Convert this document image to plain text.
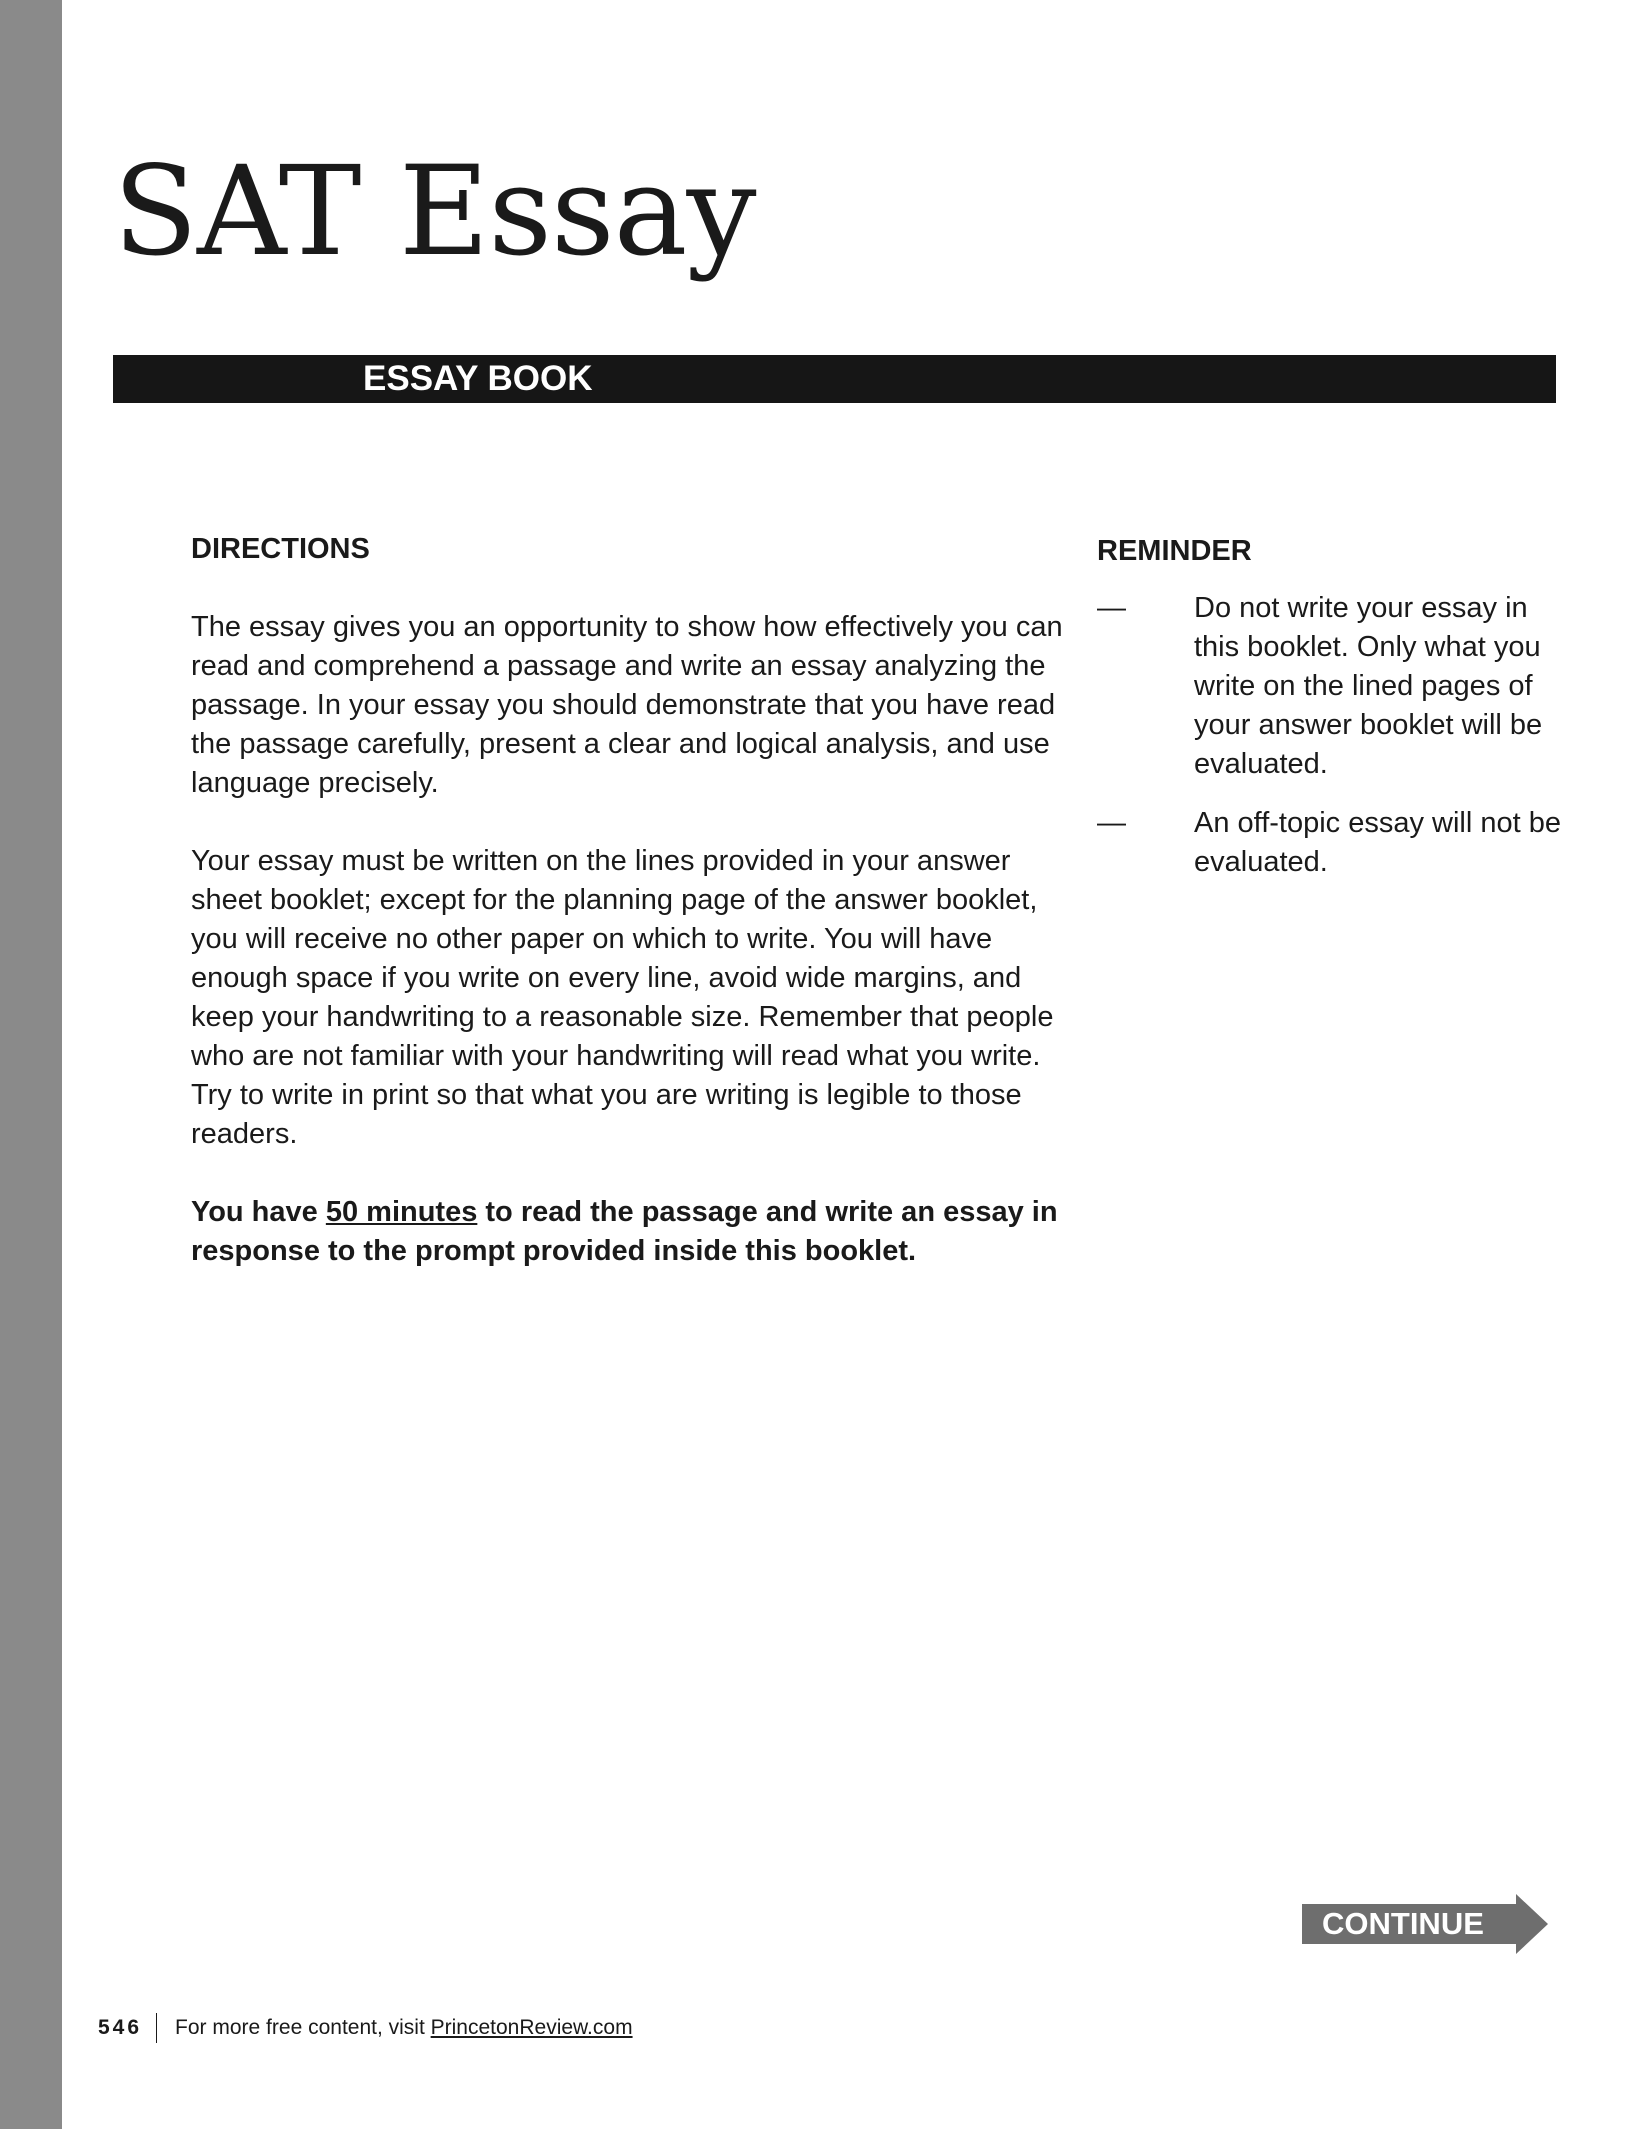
SAT Essay
ESSAY BOOK
DIRECTIONS

The essay gives you an opportunity to show how effectively you can read and comprehend a passage and write an essay analyzing the passage. In your essay you should demonstrate that you have read the passage carefully, present a clear and logical analysis, and use language precisely.

Your essay must be written on the lines provided in your answer sheet booklet; except for the planning page of the answer booklet, you will receive no other paper on which to write. You will have enough space if you write on every line, avoid wide margins, and keep your handwriting to a reasonable size. Remember that people who are not familiar with your handwriting will read what you write. Try to write in print so that what you are writing is legible to those readers.

You have 50 minutes to read the passage and write an essay in response to the prompt provided inside this booklet.

REMINDER
— Do not write your essay in this booklet. Only what you write on the lined pages of your answer booklet will be evaluated.
— An off-topic essay will not be evaluated.
CONTINUE
546 For more free content, visit PrincetonReview.com
